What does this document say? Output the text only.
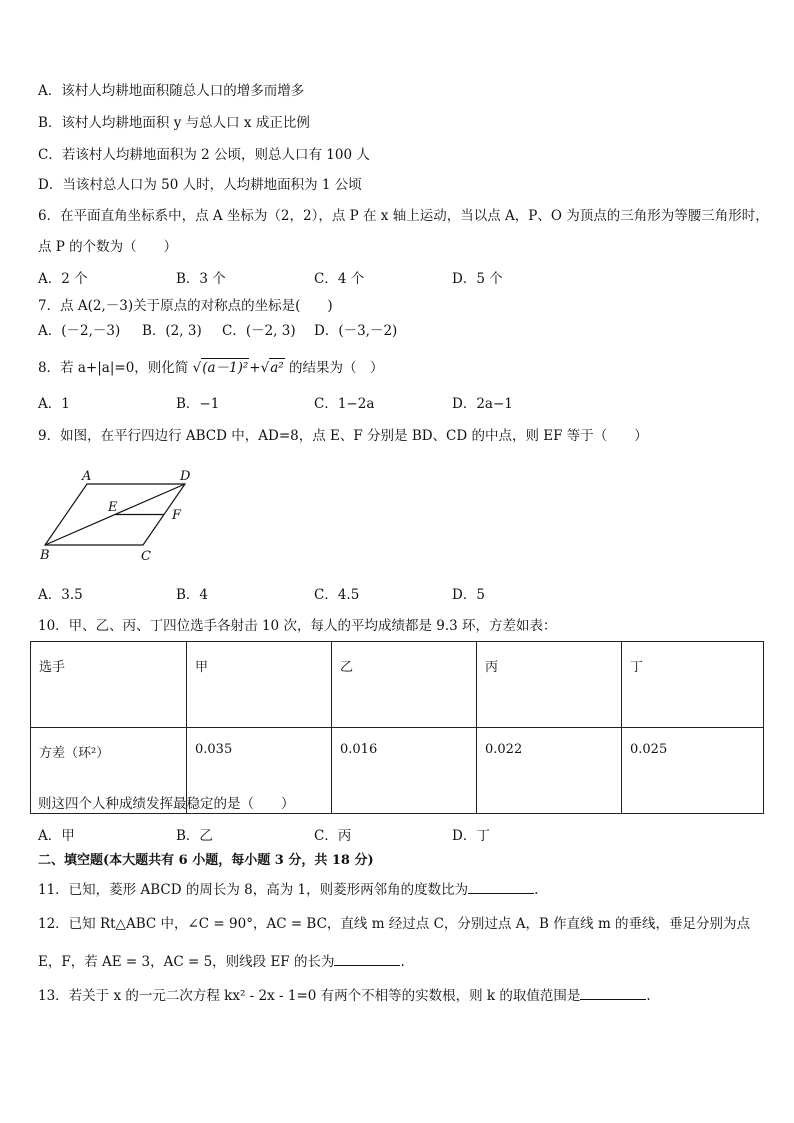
A．该村人均耕地面积随总人口的增多而增多
B．该村人均耕地面积 y 与总人口 x 成正比例
C．若该村人均耕地面积为 2 公顷，则总人口有 100 人
D．当该村总人口为 50 人时，人均耕地面积为 1 公顷
6．在平面直角坐标系中，点 A 坐标为（2，2），点 P 在 x 轴上运动，当以点 A，P、O 为顶点的三角形为等腰三角形时，
点 P 的个数为（　　）
A．2 个	B．3 个	C．4 个	D．5 个
7．点 A(2,－3)关于原点的对称点的坐标是(　　)
A．(－2,－3) B．(2, 3) C．(－2, 3) D．(－3,－2)
8．若 a+|a|=0，则化简 √(a－1)²+√a² 的结果为（　）
A．1	B．−1	C．1−2a	D．2a−1
9．如图，在平行四边行 ABCD 中，AD=8，点 E、F 分别是 BD、CD 的中点，则 EF 等于（　　）
A	D
E
F
B	C
A．3.5	B．4	C．4.5	D．5
10．甲、乙、丙、丁四位选手各射击 10 次，每人的平均成绩都是 9.3 环，方差如表：
选手	甲	乙	丙	丁
方差（环²）	0.035	0.016	0.022	0.025
则这四个人种成绩发挥最稳定的是（　　）
A．甲	B．乙	C．丙	D．丁
二、填空题(本大题共有 6 小题，每小题 3 分，共 18 分)
11．已知，菱形 ABCD 的周长为 8，高为 1，则菱形两邻角的度数比为	.
12．已知 Rt△ABC 中，∠C = 90°，AC = BC，直线 m 经过点 C，分别过点 A，B 作直线 m 的垂线，垂足分别为点
E，F，若 AE = 3，AC = 5，则线段 EF 的长为	.
13．若关于 x 的一元二次方程 kx² - 2x - 1=0 有两个不相等的实数根，则 k 的取值范围是	.
